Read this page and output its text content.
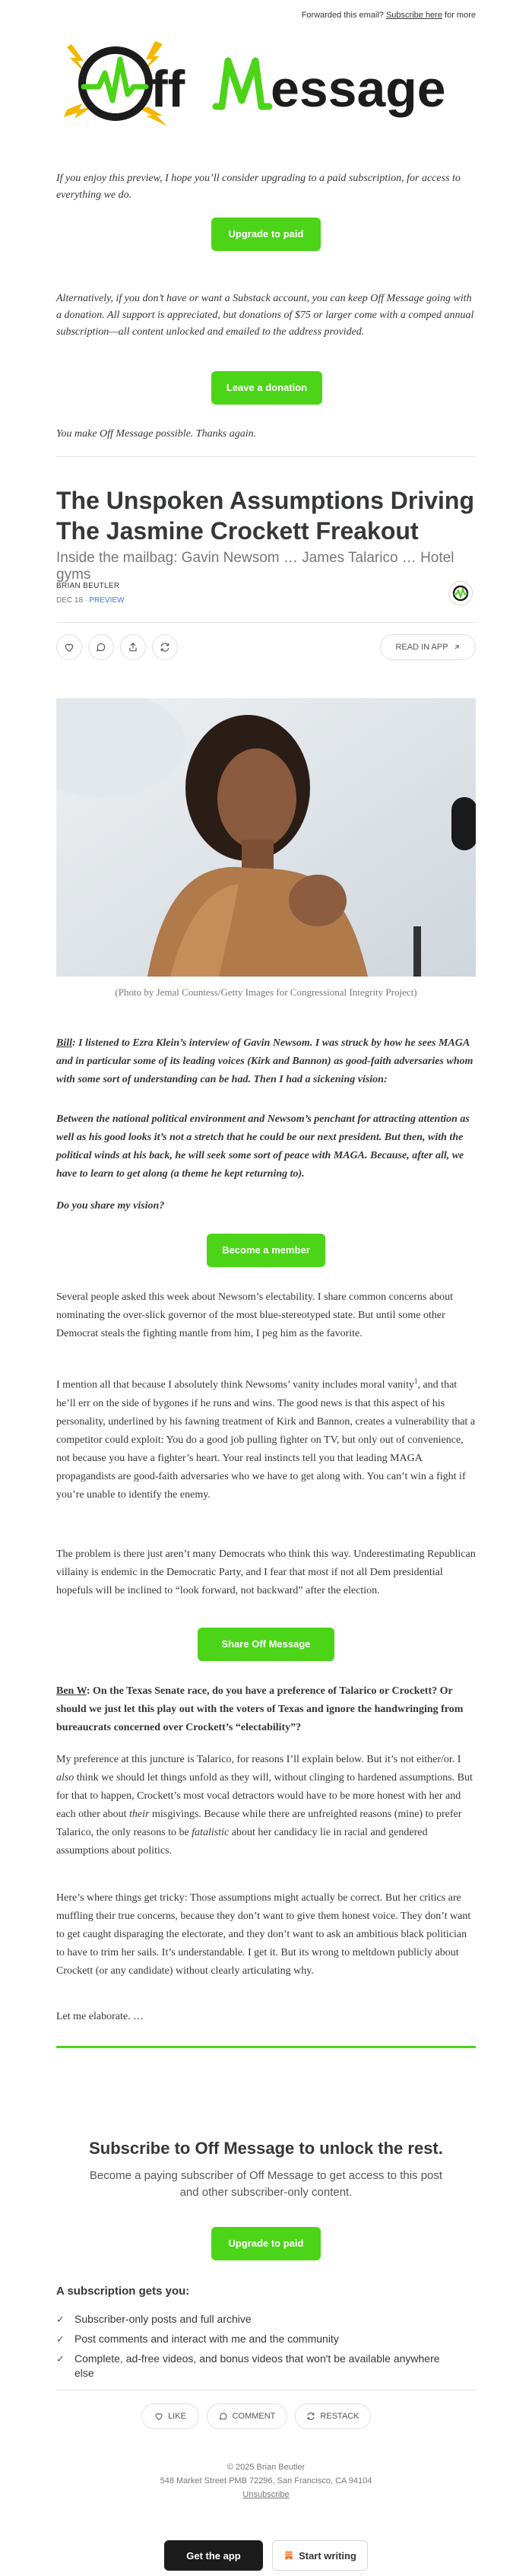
Forwarded this email? Subscribe here for more
ff essage

If you enjoy this preview, I hope you’ll consider upgrading to a paid subscription, for access to everything we do.

Upgrade to paid

Alternatively, if you don’t have or want a Substack account, you can keep Off Message going with a donation. All support is appreciated, but donations of $75 or larger come with a comped annual subscription—all content unlocked and emailed to the address provided.

Leave a donation

You make Off Message possible. Thanks again.

The Unspoken Assumptions Driving The Jasmine Crockett Freakout
Inside the mailbag: Gavin Newsom … James Talarico … Hotel gyms
BRIAN BEUTLER
DEC 18 ∙ PREVIEW
READ IN APP
(Photo by Jemal Countess/Getty Images for Congressional Integrity Project)

Bill: I listened to Ezra Klein’s interview of Gavin Newsom. I was struck by how he sees MAGA and in particular some of its leading voices (Kirk and Bannon) as good-faith adversaries whom with some sort of understanding can be had. Then I had a sickening vision:

Between the national political environment and Newsom’s penchant for attracting attention as well as his good looks it’s not a stretch that he could be our next president. But then, with the political winds at his back, he will seek some sort of peace with MAGA. Because, after all, we have to learn to get along (a theme he kept returning to).

Do you share my vision?

Become a member

Several people asked this week about Newsom’s electability. I share common concerns about nominating the over-slick governor of the most blue-stereotyped state. But until some other Democrat steals the fighting mantle from him, I peg him as the favorite.

I mention all that because I absolutely think Newsoms’ vanity includes moral vanity$^1$, and that he’ll err on the side of bygones if he runs and wins. The good news is that this aspect of his personality, underlined by his fawning treatment of Kirk and Bannon, creates a vulnerability that a competitor could exploit: You do a good job pulling fighter on TV, but only out of convenience, not because you have a fighter’s heart. Your real instincts tell you that leading MAGA propagandists are good-faith adversaries who we have to get along with. You can’t win a fight if you’re unable to identify the enemy.

The problem is there just aren’t many Democrats who think this way. Underestimating Republican villainy is endemic in the Democratic Party, and I fear that most if not all Dem presidential hopefuls will be inclined to “look forward, not backward” after the election.

Share Off Message

Ben W: On the Texas Senate race, do you have a preference of Talarico or Crockett? Or should we just let this play out with the voters of Texas and ignore the handwringing from bureaucrats concerned over Crockett’s “electability”?

My preference at this juncture is Talarico, for reasons I’ll explain below. But it’s not either/or. I also think we should let things unfold as they will, without clinging to hardened assumptions. But for that to happen, Crockett’s most vocal detractors would have to be more honest with her and each other about their misgivings. Because while there are unfreighted reasons (mine) to prefer Talarico, the only reasons to be fatalistic about her candidacy lie in racial and gendered assumptions about politics.

Here’s where things get tricky: Those assumptions might actually be correct. But her critics are muffling their true concerns, because they don’t want to give them honest voice. They don’t want to get caught disparaging the electorate, and they don’t want to ask an ambitious black politician to have to trim her sails. It’s understandable. I get it. But its wrong to meltdown publicly about Crockett (or any candidate) without clearly articulating why.

Let me elaborate. …

Subscribe to Off Message to unlock the rest.

Become a paying subscriber of Off Message to get access to this post and other subscriber-only content.

Upgrade to paid
A subscription gets you:
✓ Subscriber-only posts and full archive
✓ Post comments and interact with me and the community
✓ Complete, ad-free videos, and bonus videos that won't be available anywhere else
LIKE	COMMENT	RESTACK
© 2025 Brian Beutler
548 Market Street PMB 72296, San Francisco, CA 94104
Unsubscribe
Get the app	Start writing
